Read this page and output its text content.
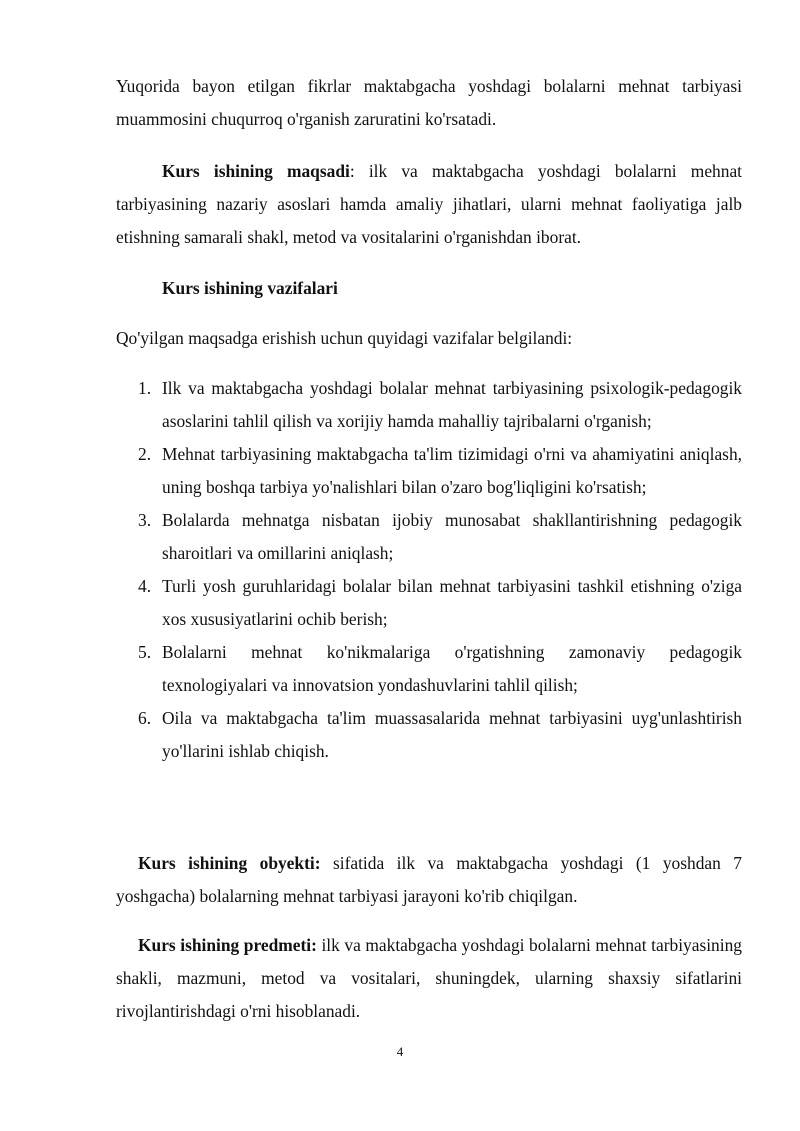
Yuqorida bayon etilgan fikrlar maktabgacha yoshdagi bolalarni mehnat tarbiyasi muammosini chuqurroq o'rganish zaruratini ko'rsatadi.

Kurs ishining maqsadi: ilk va maktabgacha yoshdagi bolalarni mehnat tarbiyasining nazariy asoslari hamda amaliy jihatlari, ularni mehnat faoliyatiga jalb etishning samarali shakl, metod va vositalarini o'rganishdan iborat.

Kurs ishining vazifalari

Qo'yilgan maqsadga erishish uchun quyidagi vazifalar belgilandi:

1. Ilk va maktabgacha yoshdagi bolalar mehnat tarbiyasining psixologik-pedagogik asoslarini tahlil qilish va xorijiy hamda mahalliy tajribalarni o'rganish;
2. Mehnat tarbiyasining maktabgacha ta'lim tizimidagi o'rni va ahamiyatini aniqlash, uning boshqa tarbiya yo'nalishlari bilan o'zaro bog'liqligini ko'rsatish;
3. Bolalarda mehnatga nisbatan ijobiy munosabat shakllantirishning pedagogik sharoitlari va omillarini aniqlash;
4. Turli yosh guruhlaridagi bolalar bilan mehnat tarbiyasini tashkil etishning o'ziga xos xususiyatlarini ochib berish;
5. Bolalarni mehnat ko'nikmalariga o'rgatishning zamonaviy pedagogik texnologiyalari va innovatsion yondashuvlarini tahlil qilish;
6. Oila va maktabgacha ta'lim muassasalarida mehnat tarbiyasini uyg'unlashtirish yo'llarini ishlab chiqish.

Kurs ishining obyekti: sifatida ilk va maktabgacha yoshdagi (1 yoshdan 7 yoshgacha) bolalarning mehnat tarbiyasi jarayoni ko'rib chiqilgan.

Kurs ishining predmeti: ilk va maktabgacha yoshdagi bolalarni mehnat tarbiyasining shakli, mazmuni, metod va vositalari, shuningdek, ularning shaxsiy sifatlarini rivojlantirishdagi o'rni hisoblanadi.

4
